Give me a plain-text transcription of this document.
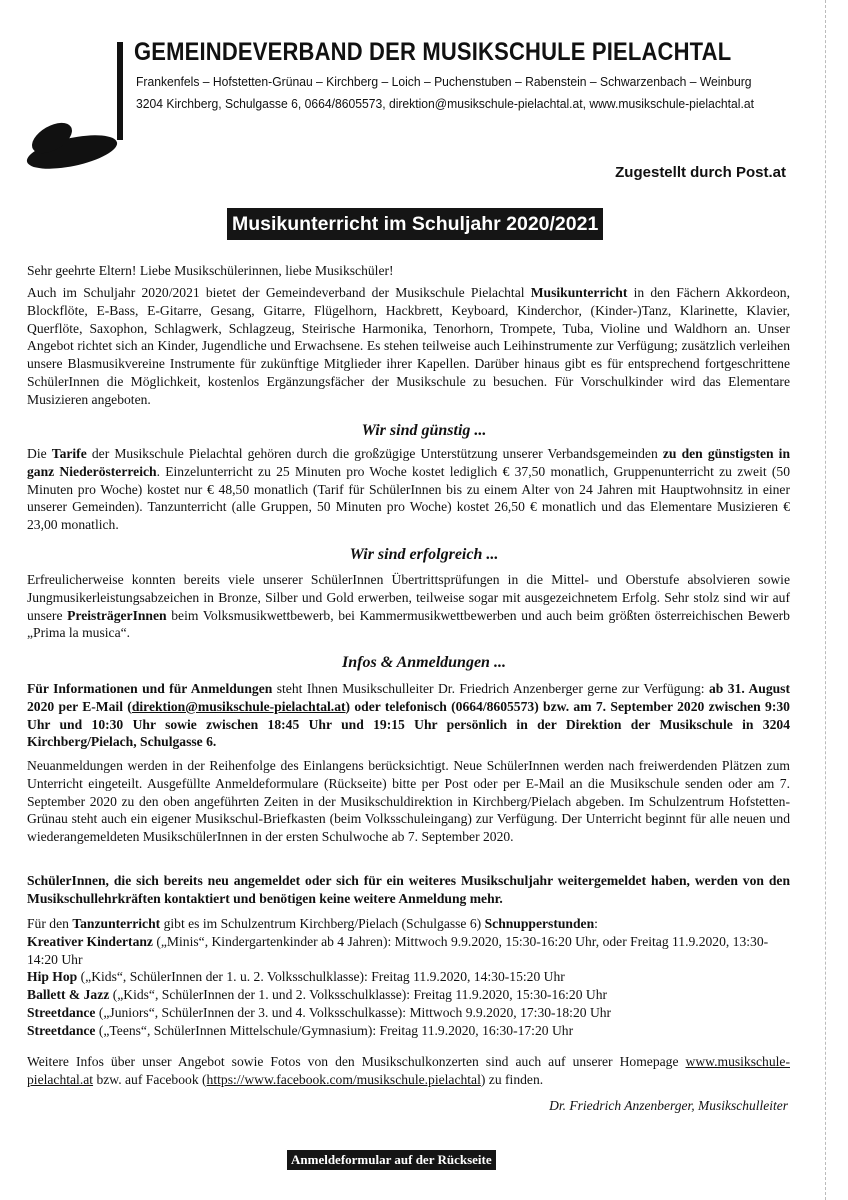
GEMEINDEVERBAND DER MUSIKSCHULE PIELACHTAL
Frankenfels – Hofstetten-Grünau – Kirchberg – Loich – Puchenstuben – Rabenstein – Schwarzenbach – Weinburg
3204 Kirchberg, Schulgasse 6, 0664/8605573, direktion@musikschule-pielachtal.at, www.musikschule-pielachtal.at
Zugestellt durch Post.at
Musikunterricht im Schuljahr 2020/2021
Sehr geehrte Eltern! Liebe Musikschülerinnen, liebe Musikschüler!

Auch im Schuljahr 2020/2021 bietet der Gemeindeverband der Musikschule Pielachtal Musikunterricht in den Fächern Akkordeon, Blockflöte, E-Bass, E-Gitarre, Gesang, Gitarre, Flügelhorn, Hackbrett, Keyboard, Kinderchor, (Kinder-)Tanz, Klarinette, Klavier, Querflöte, Saxophon, Schlagwerk, Schlagzeug, Steirische Harmonika, Tenorhorn, Trompete, Tuba, Violine und Waldhorn an. Unser Angebot richtet sich an Kinder, Jugendliche und Erwachsene. Es stehen teilweise auch Leihinstrumente zur Verfügung; zusätzlich verleihen unsere Blasmusikvereine Instrumente für zukünftige Mitglieder ihrer Kapellen. Darüber hinaus gibt es für entsprechend fortgeschrittene SchülerInnen die Möglichkeit, kostenlos Ergänzungsfächer der Musikschule zu besuchen. Für Vorschulkinder wird das Elementare Musizieren angeboten.

Wir sind günstig ...

Die Tarife der Musikschule Pielachtal gehören durch die großzügige Unterstützung unserer Verbandsgemeinden zu den günstigsten in ganz Niederösterreich. Einzelunterricht zu 25 Minuten pro Woche kostet lediglich € 37,50 monatlich, Gruppenunterricht zu zweit (50 Minuten pro Woche) kostet nur € 48,50 monatlich (Tarif für SchülerInnen bis zu einem Alter von 24 Jahren mit Hauptwohnsitz in einer unserer Gemeinden). Tanzunterricht (alle Gruppen, 50 Minuten pro Woche) kostet 26,50 € monatlich und das Elementare Musizieren € 23,00 monatlich.

Wir sind erfolgreich ...

Erfreulicherweise konnten bereits viele unserer SchülerInnen Übertrittsprüfungen in die Mittel- und Oberstufe absolvieren sowie Jungmusikerleistungsabzeichen in Bronze, Silber und Gold erwerben, teilweise sogar mit ausgezeichnetem Erfolg. Sehr stolz sind wir auf unsere PreisträgerInnen beim Volksmusikwettbewerb, bei Kammermusikwettbewerben und auch beim größten österreichischen Bewerb „Prima la musica“.

Infos & Anmeldungen ...

Für Informationen und für Anmeldungen steht Ihnen Musikschulleiter Dr. Friedrich Anzenberger gerne zur Verfügung: ab 31. August 2020 per E-Mail (direktion@musikschule-pielachtal.at) oder telefonisch (0664/8605573) bzw. am 7. September 2020 zwischen 9:30 Uhr und 10:30 Uhr sowie zwischen 18:45 Uhr und 19:15 Uhr persönlich in der Direktion der Musikschule in 3204 Kirchberg/Pielach, Schulgasse 6.

Neuanmeldungen werden in der Reihenfolge des Einlangens berücksichtigt. Neue SchülerInnen werden nach freiwerdenden Plätzen zum Unterricht eingeteilt. Ausgefüllte Anmeldeformulare (Rückseite) bitte per Post oder per E-Mail an die Musikschule senden oder am 7. September 2020 zu den oben angeführten Zeiten in der Musikschuldirektion in Kirchberg/Pielach abgeben. Im Schulzentrum Hofstetten-Grünau steht auch ein eigener Musikschul-Briefkasten (beim Volksschuleingang) zur Verfügung. Der Unterricht beginnt für alle neuen und wiederangemeldeten MusikschülerInnen in der ersten Schulwoche ab 7. September 2020.
SchülerInnen, die sich bereits neu angemeldet oder sich für ein weiteres Musikschuljahr weitergemeldet haben, werden von den Musikschullehrkräften kontaktiert und benötigen keine weitere Anmeldung mehr.

Für den Tanzunterricht gibt es im Schulzentrum Kirchberg/Pielach (Schulgasse 6) Schnupperstunden:

Kreativer Kindertanz („Minis“, Kindergartenkinder ab 4 Jahren): Mittwoch 9.9.2020, 15:30-16:20 Uhr, oder Freitag 11.9.2020, 13:30-14:20 Uhr

Hip Hop („Kids“, SchülerInnen der 1. u. 2. Volksschulklasse): Freitag 11.9.2020, 14:30-15:20 Uhr

Ballett & Jazz („Kids“, SchülerInnen der 1. und 2. Volksschulklasse): Freitag 11.9.2020, 15:30-16:20 Uhr

Streetdance („Juniors“, SchülerInnen der 3. und 4. Volksschulkasse): Mittwoch 9.9.2020, 17:30-18:20 Uhr

Streetdance („Teens“, SchülerInnen Mittelschule/Gymnasium): Freitag 11.9.2020, 16:30-17:20 Uhr

Weitere Infos über unser Angebot sowie Fotos von den Musikschulkonzerten sind auch auf unserer Homepage www.musikschule-pielachtal.at bzw. auf Facebook (https://www.facebook.com/musikschule.pielachtal) zu finden.

Dr. Friedrich Anzenberger, Musikschulleiter
Anmeldeformular auf der Rückseite
